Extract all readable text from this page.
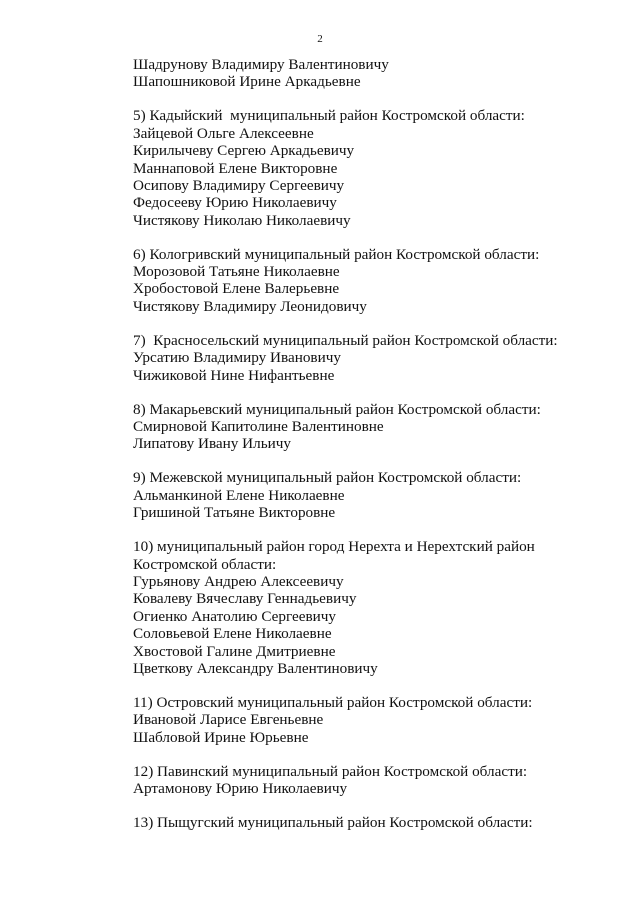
2
Шадрунову Владимиру Валентиновичу
Шапошниковой Ирине Аркадьевне
5) Кадыйский  муниципальный район Костромской области:
Зайцевой Ольге Алексеевне
Кирилычеву Сергею Аркадьевичу
Маннаповой Елене Викторовне
Осипову Владимиру Сергеевичу
Федосееву Юрию Николаевичу
Чистякову Николаю Николаевичу
6) Кологривский муниципальный район Костромской области:
Морозовой Татьяне Николаевне
Хробостовой Елене Валерьевне
Чистякову Владимиру Леонидовичу
7)  Красносельский муниципальный район Костромской области:
Урсатию Владимиру Ивановичу
Чижиковой Нине Нифантьевне
8) Макарьевский муниципальный район Костромской области:
Смирновой Капитолине Валентиновне
Липатову Ивану Ильичу
9) Межевской муниципальный район Костромской области:
Альманкиной Елене Николаевне
Гришиной Татьяне Викторовне
10) муниципальный район город Нерехта и Нерехтский район
Костромской области:
Гурьянову Андрею Алексеевичу
Ковалеву Вячеславу Геннадьевичу
Огиенко Анатолию Сергеевичу
Соловьевой Елене Николаевне
Хвостовой Галине Дмитриевне
Цветкову Александру Валентиновичу
11) Островский муниципальный район Костромской области:
Ивановой Ларисе Евгеньевне
Шабловой Ирине Юрьевне
12) Павинский муниципальный район Костромской области:
Артамонову Юрию Николаевичу
13) Пыщугский муниципальный район Костромской области:
